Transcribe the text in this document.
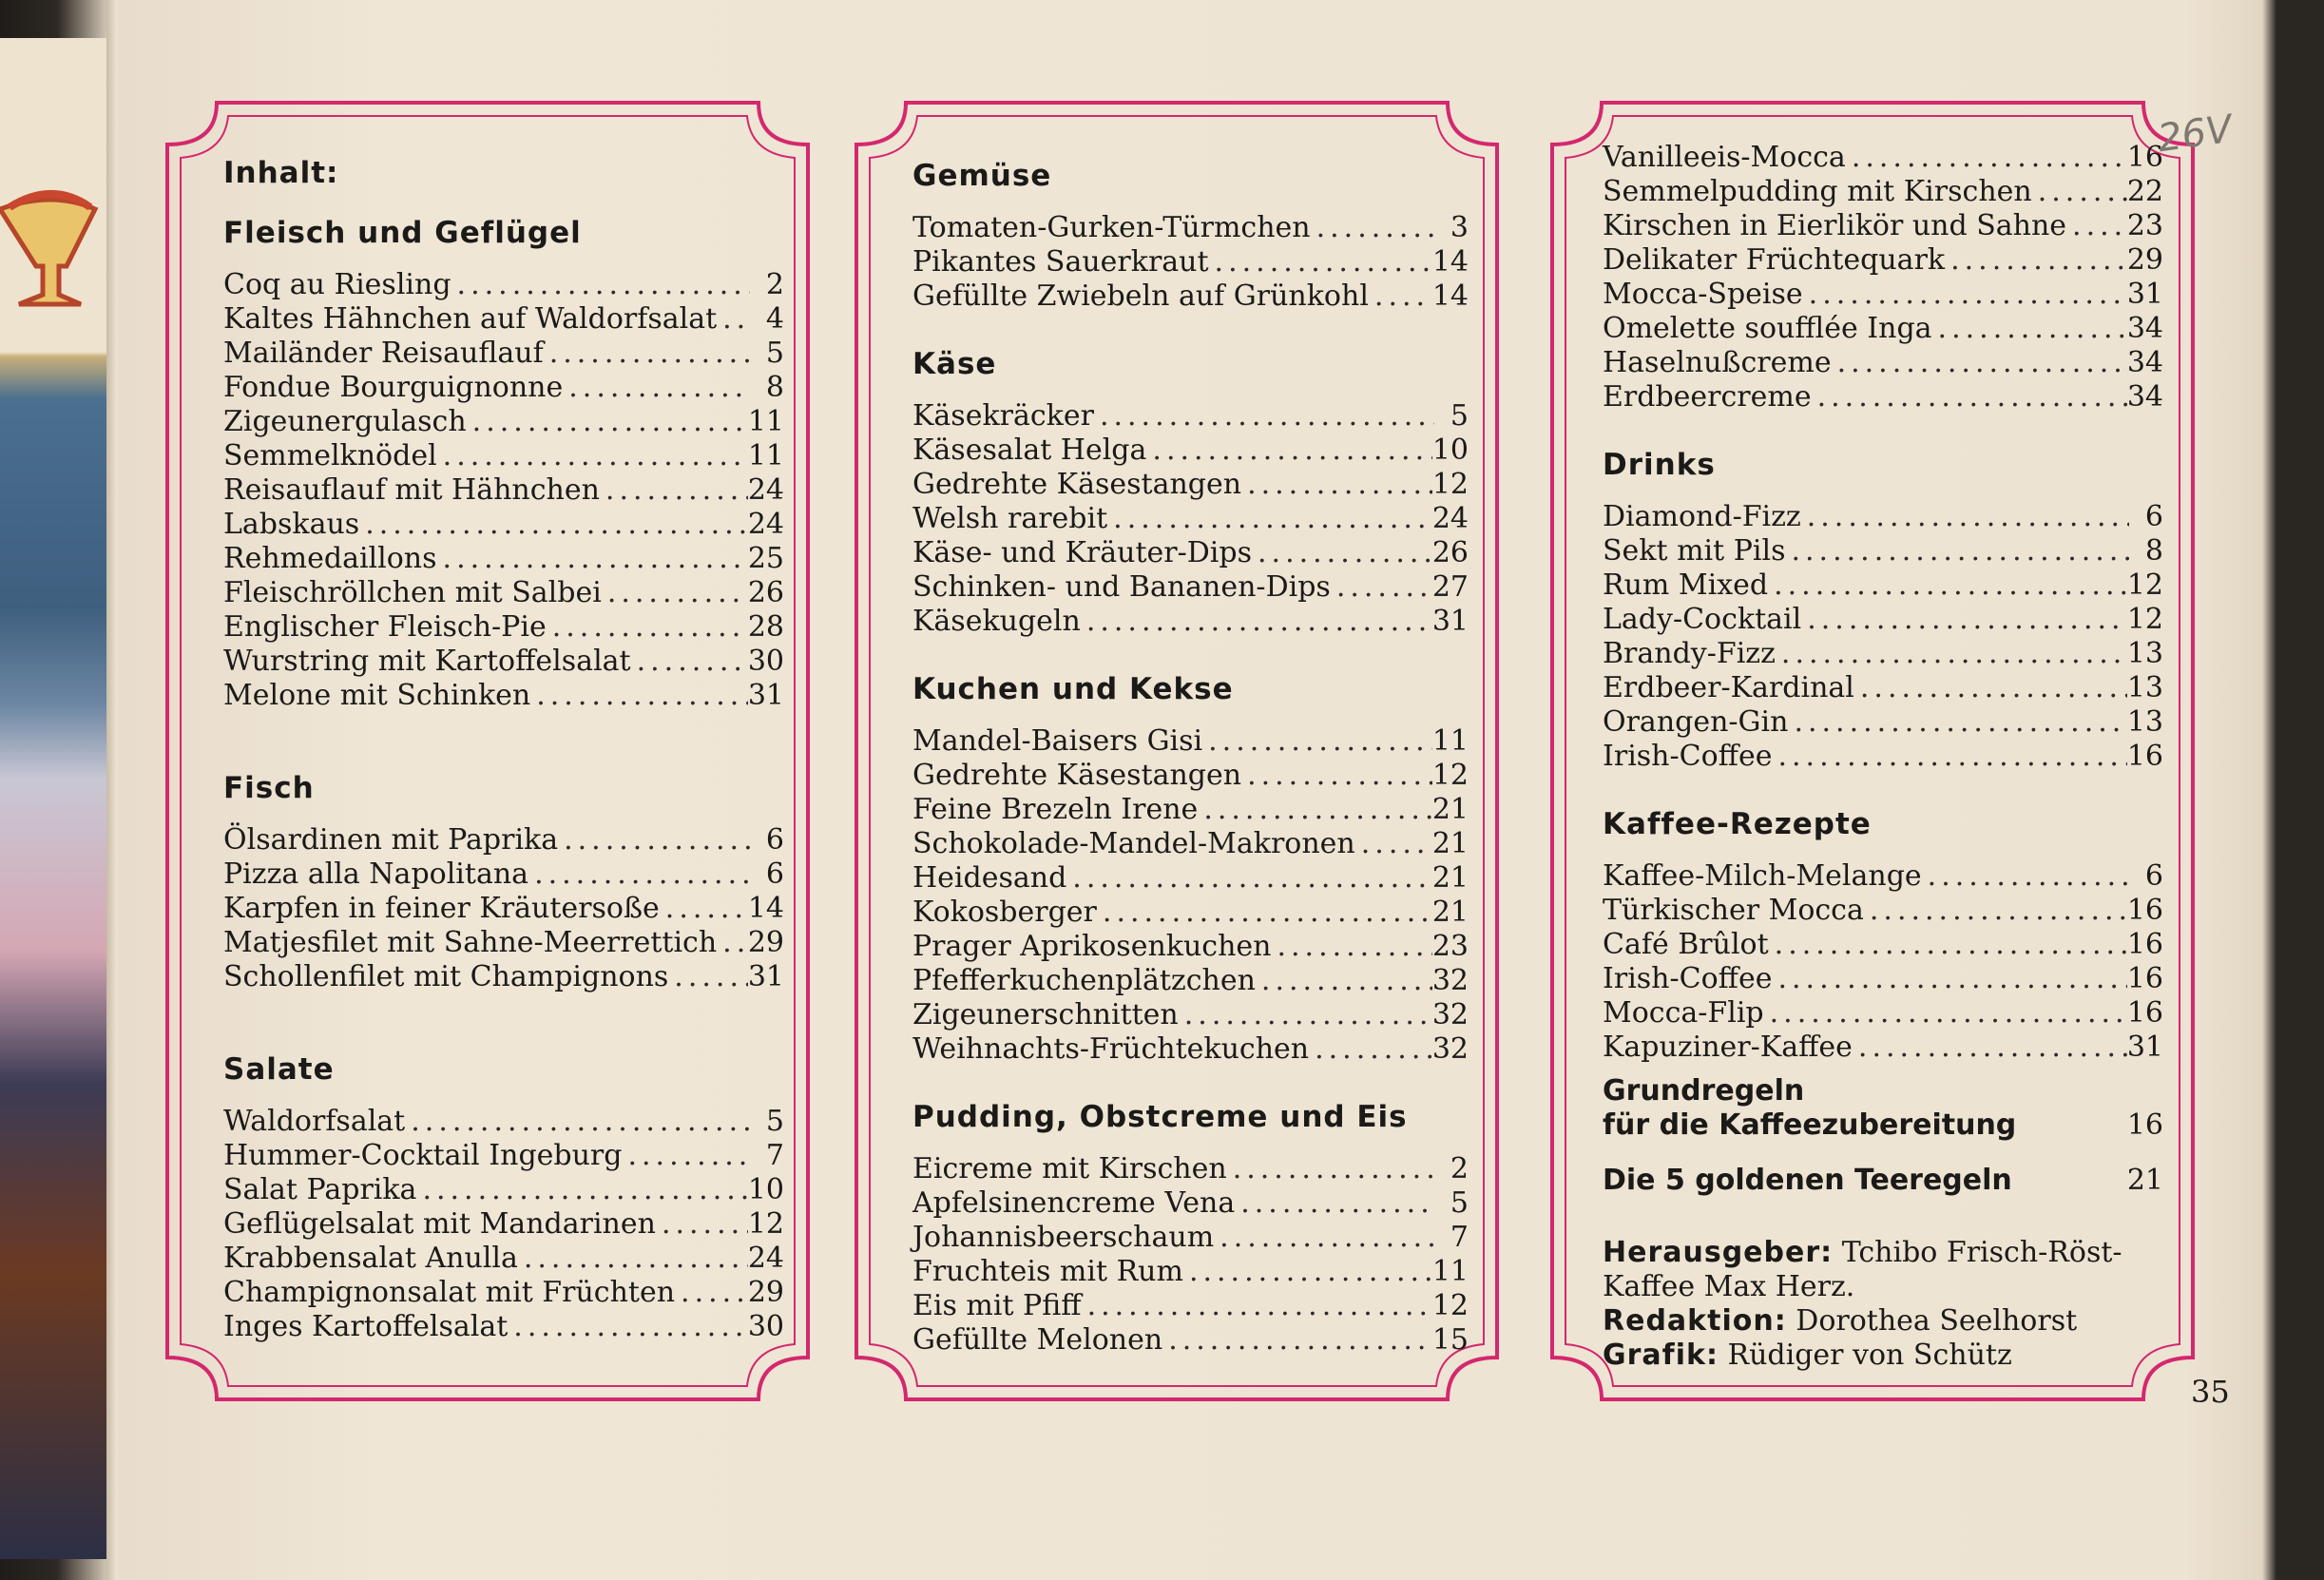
Inhalt:
Fleisch und Geflügel
Coq au Riesling .....	2
Kaltes Hähnchen auf Waldorfsalat .....	4
Mailänder Reisauflauf .....	5
Fondue Bourguignonne .....	8
Zigeunergulasch .....	11
Semmelknödel .....	11
Reisauflauf mit Hähnchen .....	24
Labskaus .....	24
Rehmedaillons .....	25
Fleischröllchen mit Salbei .....	26
Englischer Fleisch-Pie .....	28
Wurstring mit Kartoffelsalat .....	30
Melone mit Schinken .....	31
Fisch
Ölsardinen mit Paprika .....	6
Pizza alla Napolitana .....	6
Karpfen in feiner Kräutersoße .....	14
Matjesfilet mit Sahne-Meerrettich ..... 29
Schollenfilet mit Champignons .....	31
Salate
Waldorfsalat .....	5
Hummer-Cocktail Ingeburg .....	7
Salat Paprika .....	10
Geflügelsalat mit Mandarinen .....	12
Krabbensalat Anulla .....	24
Champignonsalat mit Früchten .....	29
Inges Kartoffelsalat .....	30
Gemüse
Tomaten-Gurken-Türmchen .....	3
Pikantes Sauerkraut .....	14
Gefüllte Zwiebeln auf Grünkohl ..... 14
Käse
Käsekräcker .....	5
Käsesalat Helga .....	10
Gedrehte Käsestangen .....	12
Welsh rarebit .....	24
Käse- und Kräuter-Dips .....	26
Schinken- und Bananen-Dips .....	27
Käsekugeln .....	31
Kuchen und Kekse
Mandel-Baisers Gisi .....	11
Gedrehte Käsestangen .....	12
Feine Brezeln Irene .....	21
Schokolade-Mandel-Makronen .....	21
Heidesand .....	21
Kokosberger .....	21
Prager Aprikosenkuchen .....	23
Pfefferkuchenplätzchen .....	32
Zigeunerschnitten .....	32
Weihnachts-Früchtekuchen .....	32
Pudding, Obstcreme und Eis
Eicreme mit Kirschen .....	2
Apfelsinencreme Vena .....	5
Johannisbeerschaum .....	7
Fruchteis mit Rum .....	11
Eis mit Pfiff .....	12
Gefüllte Melonen .....	15
Vanilleeis-Mocca .....	16
Semmelpudding mit Kirschen .....	22
Kirschen in Eierlikör und Sahne ..... 23
Delikater Früchtequark .....	29
Mocca-Speise .....	31
Omelette soufflée Inga .....	34
Haselnußcreme .....	34
Erdbeercreme .....	34
Drinks
Diamond-Fizz .....	6
Sekt mit Pils .....	8
Rum Mixed .....	12
Lady-Cocktail .....	12
Brandy-Fizz .....	13
Erdbeer-Kardinal .....	13
Orangen-Gin .....	13
Irish-Coffee .....	16
Kaffee-Rezepte
Kaffee-Milch-Melange .....	6
Türkischer Mocca .....	16
Café Brûlot .....	16
Irish-Coffee .....	16
Mocca-Flip .....	16
Kapuziner-Kaffee .....	31
Grundregeln
für die Kaffeezubereitung	16
Die 5 goldenen Teeregeln	21
Herausgeber: Tchibo Frisch-Röst-Kaffee Max Herz.
Redaktion: Dorothea Seelhorst
Grafik: Rüdiger von Schütz
35
26V
